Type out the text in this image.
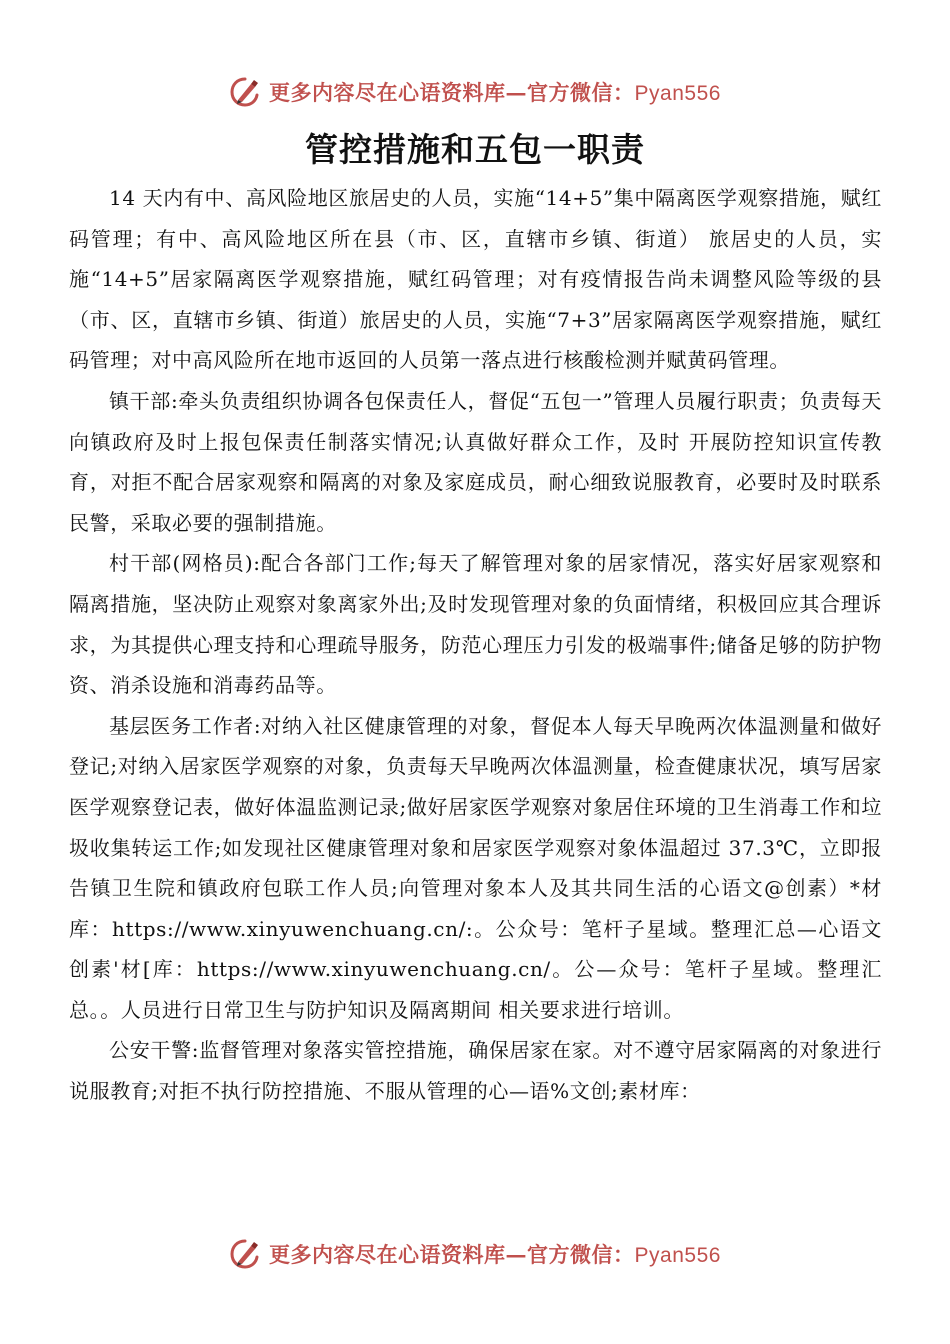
更多内容尽在心语资料库—官方微信：Pyan556
管控措施和五包一职责

14 天内有中、高风险地区旅居史的人员，实施“14+5”集中隔离医学观察措施，赋红码管理；有中、高风险地区所在县（市、区，直辖市乡镇、街道） 旅居史的人员，实施“14+5”居家隔离医学观察措施，赋红码管理；对有疫情报告尚未调整风险等级的县（市、区，直辖市乡镇、街道）旅居史的人员，实施“7+3”居家隔离医学观察措施，赋红码管理；对中高风险所在地市返回的人员第一落点进行核酸检测并赋黄码管理。

镇干部:牵头负责组织协调各包保责任人，督促“五包一”管理人员履行职责；负责每天向镇政府及时上报包保责任制落实情况;认真做好群众工作，及时 开展防控知识宣传教育，对拒不配合居家观察和隔离的对象及家庭成员，耐心细致说服教育，必要时及时联系民警，采取必要的强制措施。

村干部(网格员):配合各部门工作;每天了解管理对象的居家情况，落实好居家观察和隔离措施，坚决防止观察对象离家外出;及时发现管理对象的负面情绪，积极回应其合理诉求，为其提供心理支持和心理疏导服务，防范心理压力引发的极端事件;储备足够的防护物资、消杀设施和消毒药品等。

基层医务工作者:对纳入社区健康管理的对象，督促本人每天早晚两次体温测量和做好登记;对纳入居家医学观察的对象，负责每天早晚两次体温测量，检查健康状况，填写居家医学观察登记表，做好体温监测记录;做好居家医学观察对象居住环境的卫生消毒工作和垃圾收集转运工作;如发现社区健康管理对象和居家医学观察对象体温超过 37.3℃，立即报告镇卫生院和镇政府包联工作人员;向管理对象本人及其共同生活的心语文@创素）*材库：https://www.xinyuwenchuang.cn/:。公众号：笔杆子星域。整理汇总—心语文创素'材[库：https://www.xinyuwenchuang.cn/。公—众号：笔杆子星域。整理汇总。。人员进行日常卫生与防护知识及隔离期间 相关要求进行培训。

公安干警:监督管理对象落实管控措施，确保居家在家。对不遵守居家隔离的对象进行说服教育;对拒不执行防控措施、不服从管理的心—语%文创;素材库：

更多内容尽在心语资料库—官方微信：Pyan556
